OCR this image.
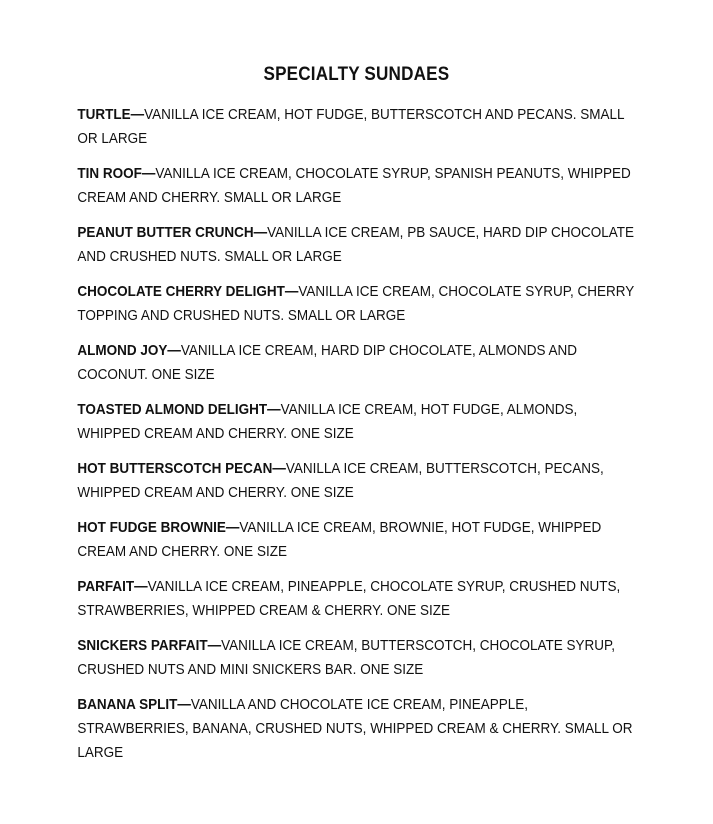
SPECIALTY SUNDAES

TURTLE—VANILLA ICE CREAM, HOT FUDGE, BUTTERSCOTCH AND PECANS. SMALL OR LARGE

TIN ROOF—VANILLA ICE CREAM, CHOCOLATE SYRUP, SPANISH PEANUTS, WHIPPED CREAM AND CHERRY. SMALL OR LARGE

PEANUT BUTTER CRUNCH—VANILLA ICE CREAM, PB SAUCE, HARD DIP CHOCOLATE AND CRUSHED NUTS. SMALL OR LARGE

CHOCOLATE CHERRY DELIGHT—VANILLA ICE CREAM, CHOCOLATE SYRUP, CHERRY TOPPING AND CRUSHED NUTS. SMALL OR LARGE

ALMOND JOY—VANILLA ICE CREAM, HARD DIP CHOCOLATE, ALMONDS AND COCONUT. ONE SIZE

TOASTED ALMOND DELIGHT—VANILLA ICE CREAM, HOT FUDGE, ALMONDS, WHIPPED CREAM AND CHERRY. ONE SIZE

HOT BUTTERSCOTCH PECAN—VANILLA ICE CREAM, BUTTERSCOTCH, PECANS, WHIPPED CREAM AND CHERRY. ONE SIZE

HOT FUDGE BROWNIE—VANILLA ICE CREAM, BROWNIE, HOT FUDGE, WHIPPED CREAM AND CHERRY. ONE SIZE

PARFAIT—VANILLA ICE CREAM, PINEAPPLE, CHOCOLATE SYRUP, CRUSHED NUTS, STRAWBERRIES, WHIPPED CREAM & CHERRY. ONE SIZE

SNICKERS PARFAIT—VANILLA ICE CREAM, BUTTERSCOTCH, CHOCOLATE SYRUP, CRUSHED NUTS AND MINI SNICKERS BAR. ONE SIZE

BANANA SPLIT—VANILLA AND CHOCOLATE ICE CREAM, PINEAPPLE, STRAWBERRIES, BANANA, CRUSHED NUTS, WHIPPED CREAM & CHERRY. SMALL OR LARGE
